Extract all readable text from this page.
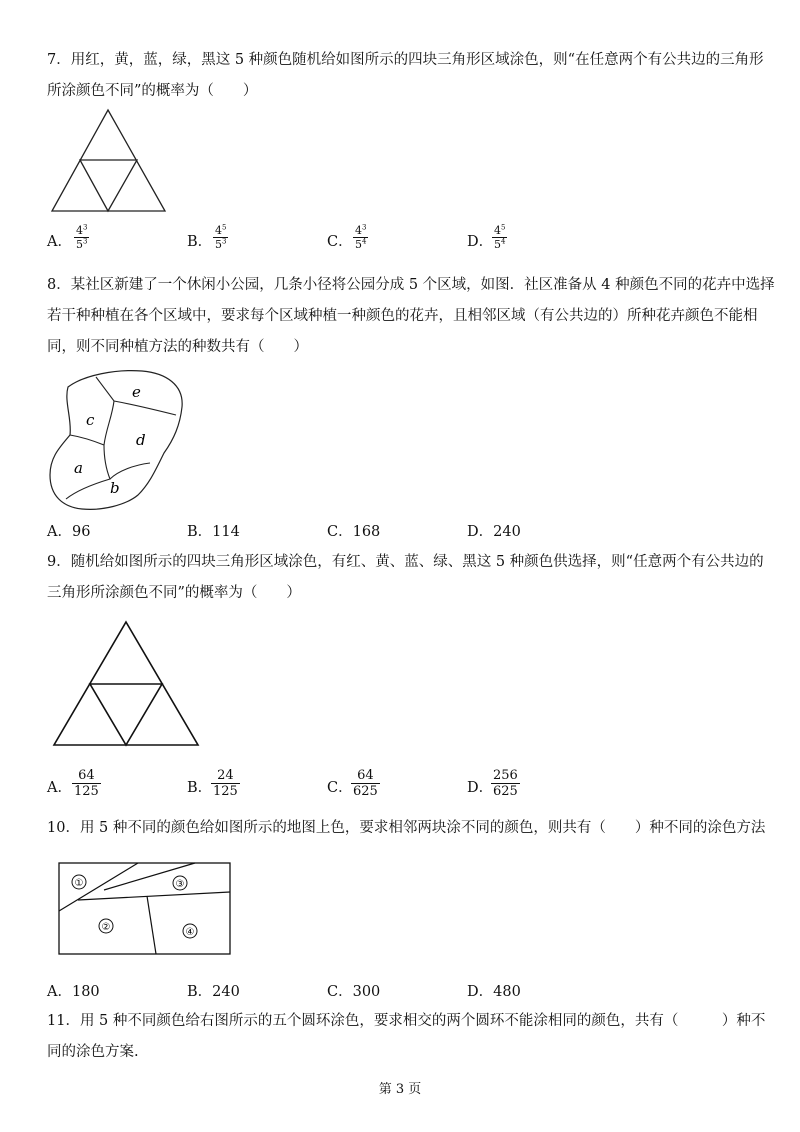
7．用红，黄，蓝，绿，黑这 5 种颜色随机给如图所示的四块三角形区域涂色，则“在任意两个有公共边的三角形
所涂颜色不同”的概率为（　　）
A． $\frac{4^3}{5^3}$	B． $\frac{4^5}{5^3}$	C． $\frac{4^3}{5^4}$	D．
$\frac{4^5}{5^4}$
8．某社区新建了一个休闲小公园，几条小径将公园分成 5 个区域，如图．社区准备从 4 种颜色不同的花卉中选择
若干种种植在各个区域中，要求每个区域种植一种颜色的花卉，且相邻区域（有公共边的）所种花卉颜色不能相
同，则不同种植方法的种数共有（　　）
e
c
d
a
b
A．96	B．114	C．168	D．240
9．随机给如图所示的四块三角形区域涂色，有红、黄、蓝、绿、黑这 5 种颜色供选择，则“任意两个有公共边的
三角形所涂颜色不同”的概率为（　　）
A． $\frac{64}{125}$	B．
$\frac{24}{125}$	C．
$\frac{64}{625}$	D．
$\frac{256}{625}$
10．用 5 种不同的颜色给如图所示的地图上色，要求相邻两块涂不同的颜色，则共有（　　）种不同的涂色方法
①
②
③
④
A．180	B．240	C．300	D．480
11．用 5 种不同颜色给右图所示的五个圆环涂色，要求相交的两个圆环不能涂相同的颜色，共有（　　　）种不
同的涂色方案.
第 3 页
